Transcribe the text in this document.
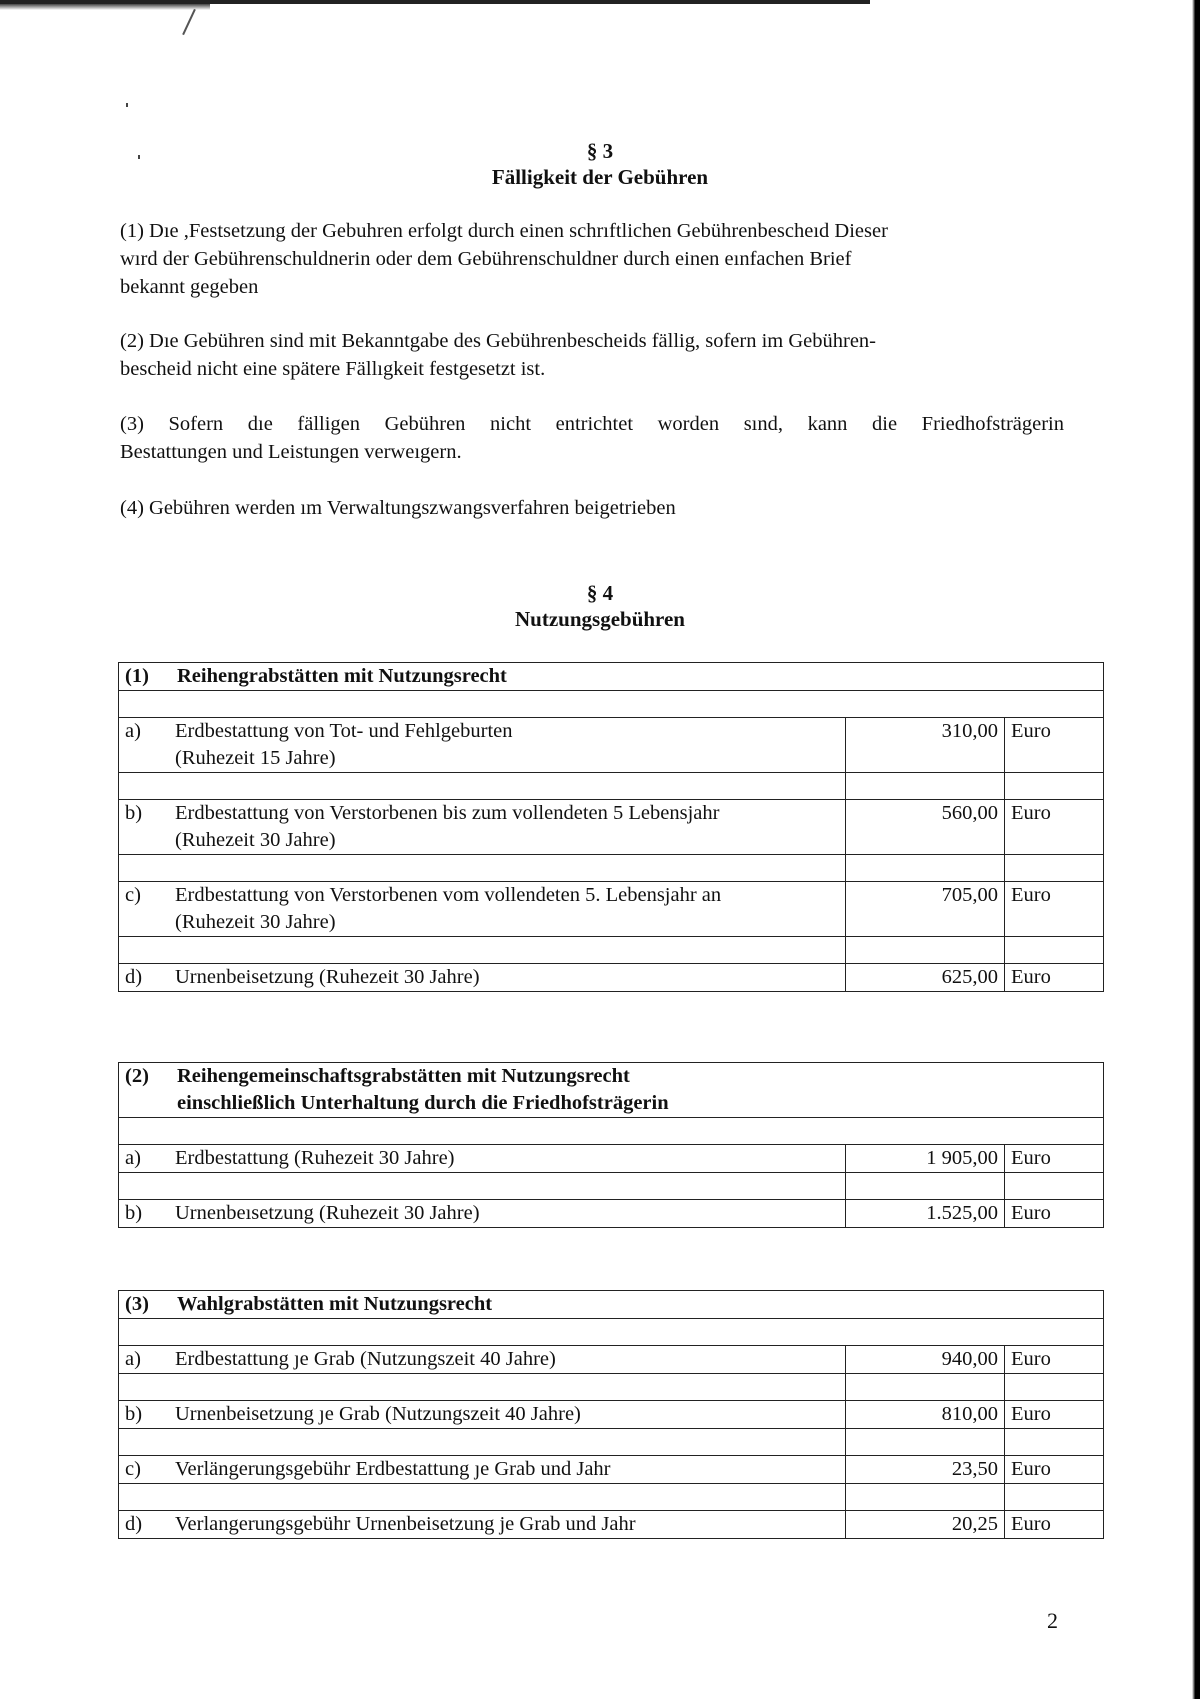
§ 3
Fälligkeit der Gebühren

(1) Dıe ,Festsetzung der Gebuhren erfolgt durch einen schrıftlichen Gebührenbescheıd Dieser

wırd der Gebührenschuldnerin oder dem Gebührenschuldner durch einen eınfachen Brief

bekannt gegeben

(2) Dıe Gebühren sind mit Bekanntgabe des Gebührenbescheids fällig, sofern im Gebühren-

bescheid nicht eine spätere Fällıgkeit festgesetzt ist.

(3) Sofern dıe fälligen Gebühren nicht entrichtet worden sınd, kann die Friedhofsträgerin

Bestattungen und Leistungen verweıgern.

(4) Gebühren werden ım Verwaltungszwangsverfahren beigetrieben

§ 4
Nutzungsgebühren
(1) Reihengrabstätten mit Nutzungsrecht		

a) Erdbestattung von Tot- und Fehlgeburten
(Ruhezeit 15 Jahre)	310,00	Euro

b) Erdbestattung von Verstorbenen bis zum vollendeten 5 Lebensjahr
(Ruhezeit 30 Jahre)	560,00	Euro

c) Erdbestattung von Verstorbenen vom vollendeten 5. Lebensjahr an
(Ruhezeit 30 Jahre)	705,00	Euro

d) Urnenbeisetzung (Ruhezeit 30 Jahre)	625,00	Euro
(2) Reihengemeinschaftsgrabstätten mit Nutzungsrecht
einschließlich Unterhaltung durch die Friedhofsträgerin		

a) Erdbestattung (Ruhezeit 30 Jahre)	1 905,00	Euro

b) Urnenbeısetzung (Ruhezeit 30 Jahre)	1.525,00	Euro
(3) Wahlgrabstätten mit Nutzungsrecht		

a) Erdbestattung ȷe Grab (Nutzungszeit 40 Jahre)	940,00	Euro

b) Urnenbeisetzung ȷe Grab (Nutzungszeit 40 Jahre)	810,00	Euro

c) Verlängerungsgebühr Erdbestattung ȷe Grab und Jahr	23,50	Euro

d) Verlangerungsgebühr Urnenbeisetzung je Grab und Jahr	20,25	Euro
2
